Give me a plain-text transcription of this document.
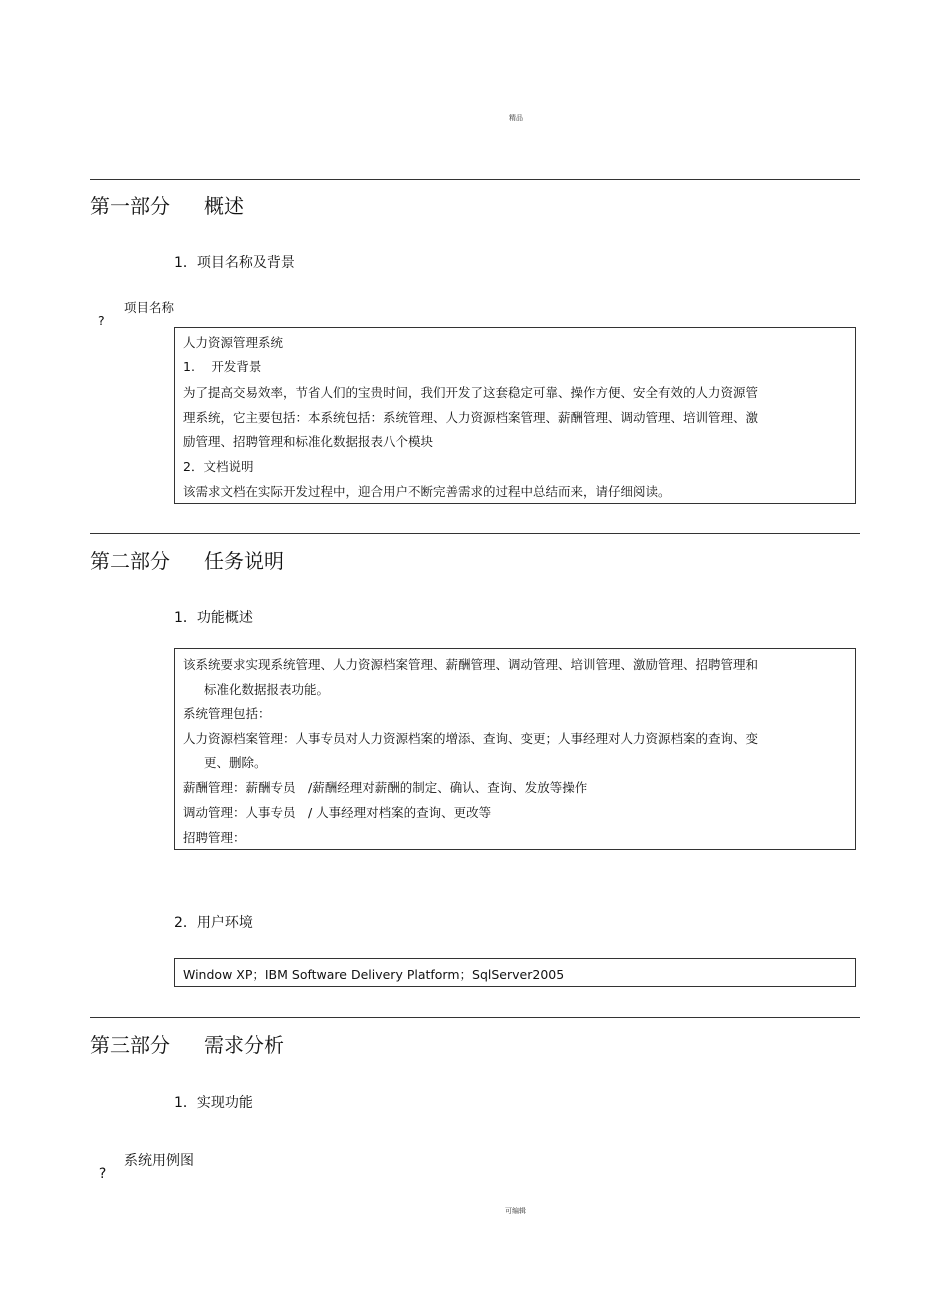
精品
第一部分 概述
1．项目名称及背景

?

项目名称

人力资源管理系统
1.　 开发背景
为了提高交易效率，节省人们的宝贵时间，我们开发了这套稳定可靠、操作方便、安全有效的人力资源管
理系统，它主要包括：本系统包括：系统管理、人力资源档案管理、薪酬管理、调动管理、培训管理、激
励管理、招聘管理和标准化数据报表八个模块
2．文档说明
该需求文档在实际开发过程中，迎合用户不断完善需求的过程中总结而来，请仔细阅读。
第二部分 任务说明
1．功能概述
该系统要求实现系统管理、人力资源档案管理、薪酬管理、调动管理、培训管理、激励管理、招聘管理和
标准化数据报表功能。
系统管理包括：
人力资源档案管理：人事专员对人力资源档案的增添、查询、变更；人事经理对人力资源档案的查询、变
更、删除。
薪酬管理：薪酬专员　/薪酬经理对薪酬的制定、确认、查询、发放等操作
调动管理：人事专员　/ 人事经理对档案的查询、更改等
招聘管理：
2．用户环境
Window XP；IBM Software Delivery Platform；SqlServer2005
第三部分 需求分析
1．实现功能

?

系统用例图

可编辑
